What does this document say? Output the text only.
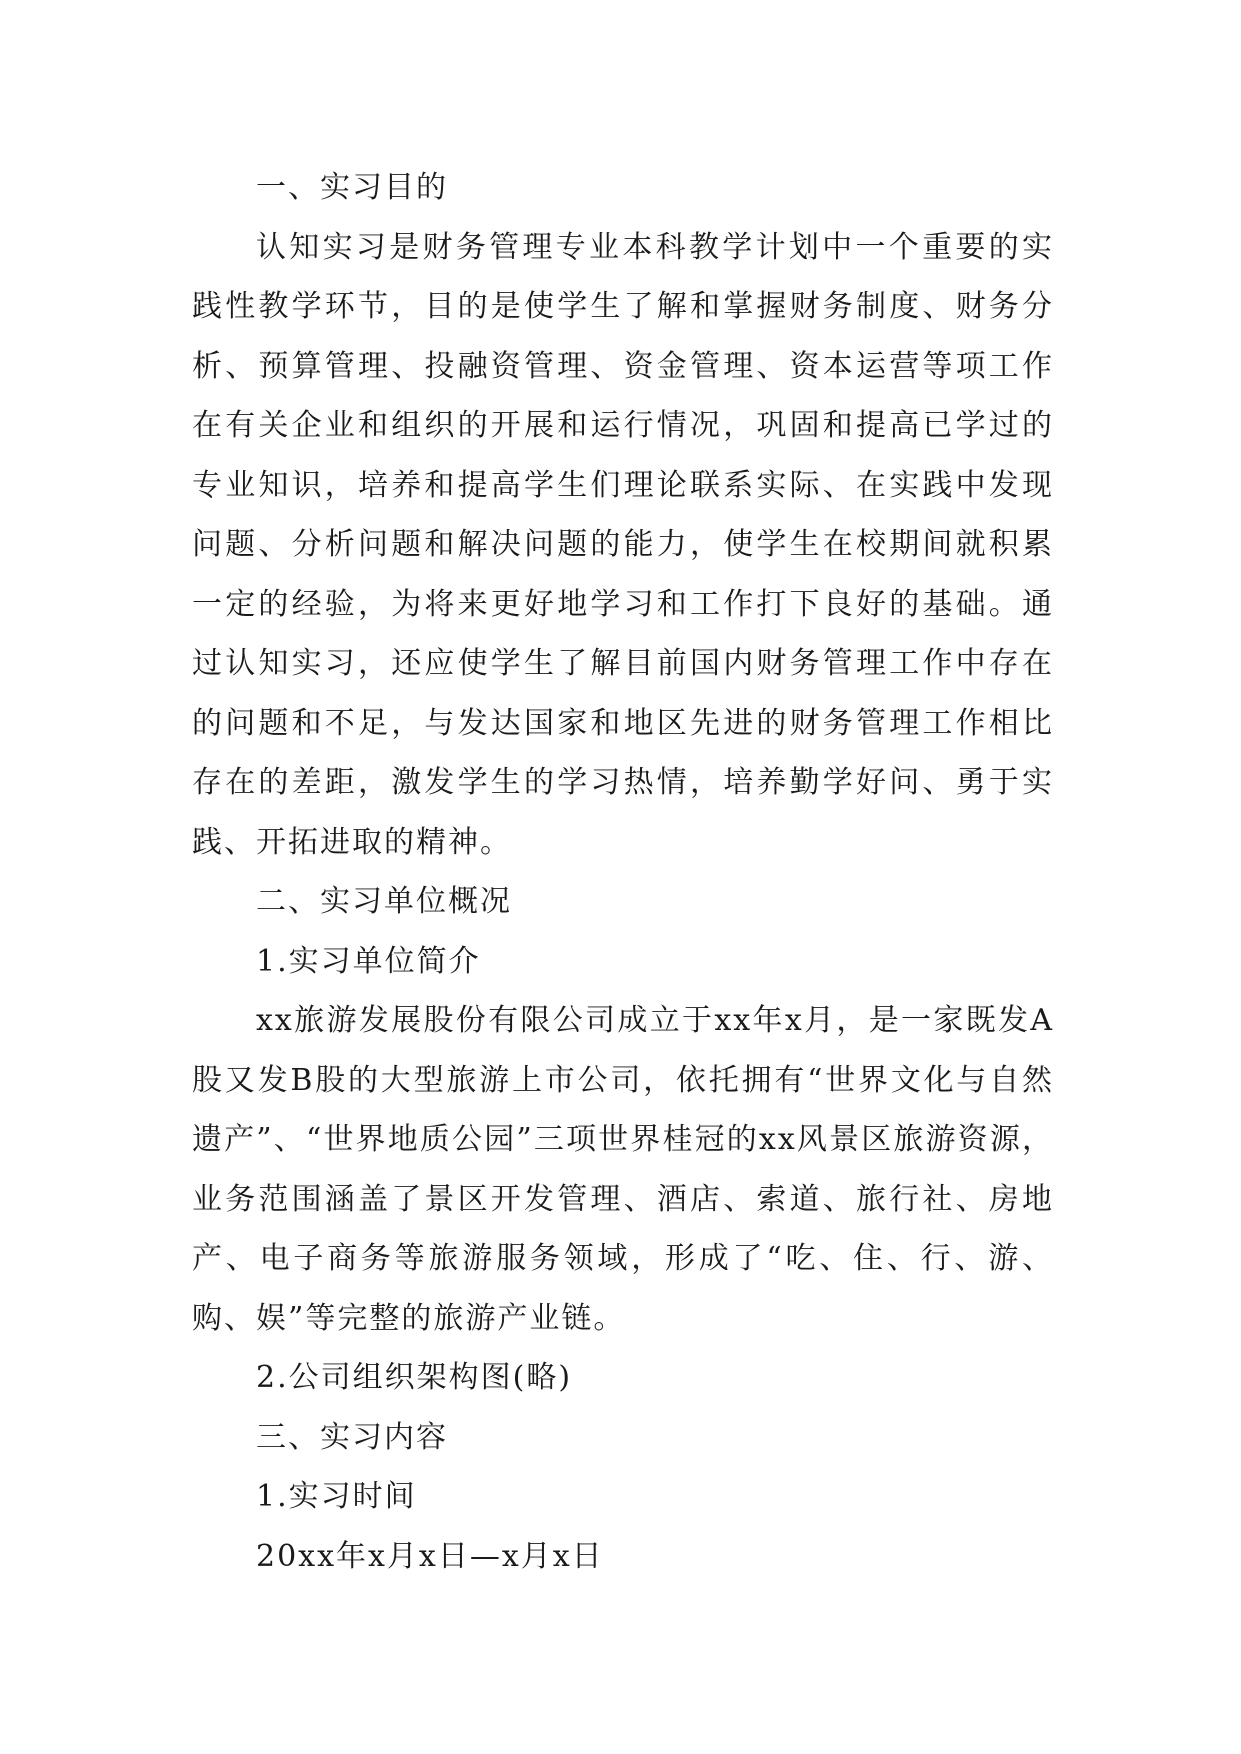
一、实习目的

认知实习是财务管理专业本科教学计划中一个重要的实践性教学环节，目的是使学生了解和掌握财务制度、财务分析、预算管理、投融资管理、资金管理、资本运营等项工作在有关企业和组织的开展和运行情况，巩固和提高已学过的专业知识，培养和提高学生们理论联系实际、在实践中发现问题、分析问题和解决问题的能力，使学生在校期间就积累一定的经验，为将来更好地学习和工作打下良好的基础。通过认知实习，还应使学生了解目前国内财务管理工作中存在的问题和不足，与发达国家和地区先进的财务管理工作相比存在的差距，激发学生的学习热情，培养勤学好问、勇于实践、开拓进取的精神。

二、实习单位概况

1.实习单位简介

xx旅游发展股份有限公司成立于xx年x月，是一家既发A股又发B股的大型旅游上市公司，依托拥有“世界文化与自然遗产”、“世界地质公园”三项世界桂冠的xx风景区旅游资源，业务范围涵盖了景区开发管理、酒店、索道、旅行社、房地产、电子商务等旅游服务领域，形成了“吃、住、行、游、购、娱”等完整的旅游产业链。

2.公司组织架构图(略)

三、实习内容

1.实习时间

20xx年x月x日—x月x日
